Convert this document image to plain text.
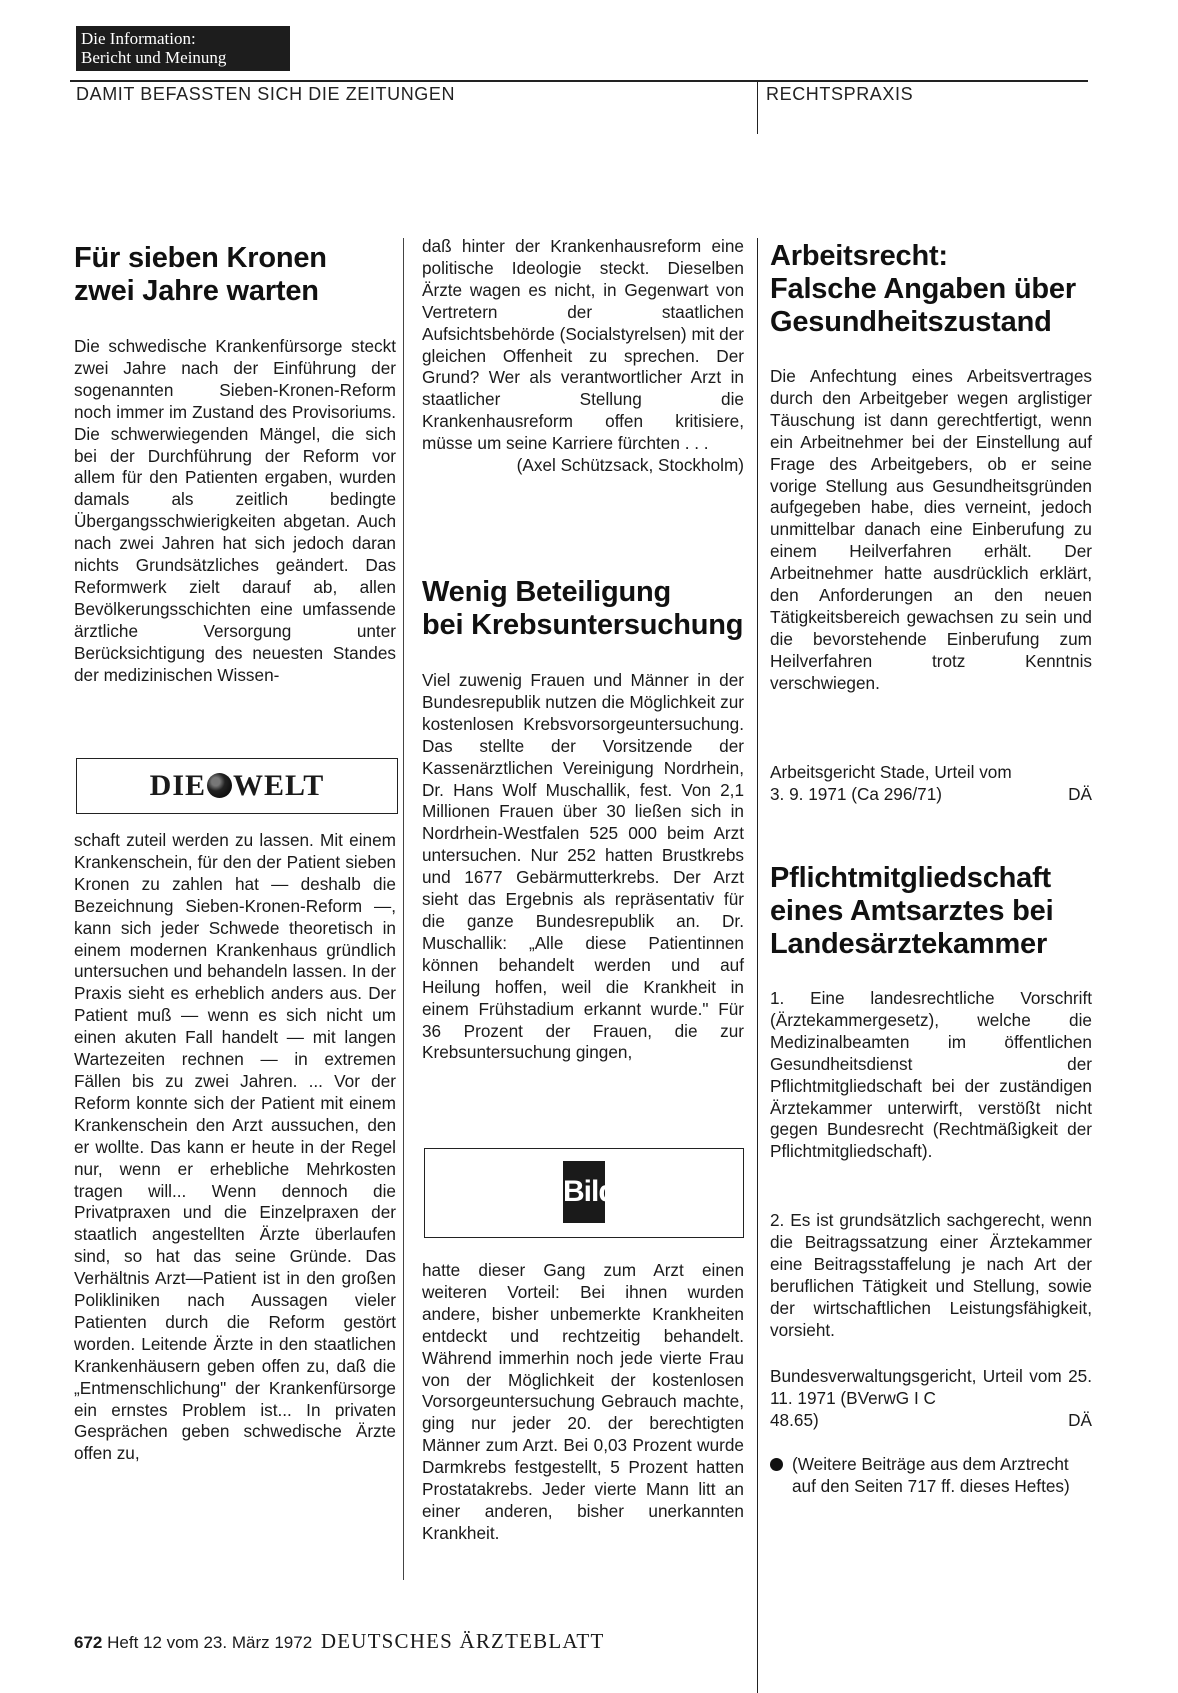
Die Information:
Bericht und Meinung
DAMIT BEFASSTEN SICH DIE ZEITUNGEN	RECHTSPRAXIS
Für sieben Kronen
zwei Jahre warten

Die schwedische Krankenfürsorge steckt zwei Jahre nach der Einführung der sogenannten Sieben-Kronen-Reform noch immer im Zustand des Provisoriums. Die schwerwiegenden Mängel, die sich bei der Durchführung der Reform vor allem für den Patienten ergaben, wurden damals als zeitlich bedingte Übergangsschwierigkeiten abgetan. Auch nach zwei Jahren hat sich jedoch daran nichts Grundsätzliches geändert. Das Reformwerk zielt darauf ab, allen Bevölkerungsschichten eine umfassende ärztliche Versorgung unter Berücksichtigung des neuesten Standes der medizinischen Wissen-

DIE WELT

schaft zuteil werden zu lassen. Mit einem Krankenschein, für den der Patient sieben Kronen zu zahlen hat — deshalb die Bezeichnung Sieben-Kronen-Reform —, kann sich jeder Schwede theoretisch in einem modernen Krankenhaus gründlich untersuchen und behandeln lassen. In der Praxis sieht es erheblich anders aus. Der Patient muß — wenn es sich nicht um einen akuten Fall handelt — mit langen Wartezeiten rechnen — in extremen Fällen bis zu zwei Jahren. ... Vor der Reform konnte sich der Patient mit einem Krankenschein den Arzt aussuchen, den er wollte. Das kann er heute in der Regel nur, wenn er erhebliche Mehrkosten tragen will... Wenn dennoch die Privatpraxen und die Einzelpraxen der staatlich angestellten Ärzte überlaufen sind, so hat das seine Gründe. Das Verhältnis Arzt—Patient ist in den großen Polikliniken nach Aussagen vieler Patienten durch die Reform gestört worden. Leitende Ärzte in den staatlichen Krankenhäusern geben offen zu, daß die „Entmenschlichung" der Krankenfürsorge ein ernstes Problem ist... In privaten Gesprächen geben schwedische Ärzte offen zu,

daß hinter der Krankenhausreform eine politische Ideologie steckt. Dieselben Ärzte wagen es nicht, in Gegenwart von Vertretern der staatlichen Aufsichtsbehörde (Socialstyrelsen) mit der gleichen Offenheit zu sprechen. Der Grund? Wer als verantwortlicher Arzt in staatlicher Stellung die Krankenhausreform offen kritisiere, müsse um seine Karriere fürchten . . .

(Axel Schützsack, Stockholm)

Wenig Beteiligung
bei Krebsuntersuchung

Viel zuwenig Frauen und Männer in der Bundesrepublik nutzen die Möglichkeit zur kostenlosen Krebsvorsorgeuntersuchung. Das stellte der Vorsitzende der Kassenärztlichen Vereinigung Nordrhein, Dr. Hans Wolf Muschallik, fest. Von 2,1 Millionen Frauen über 30 ließen sich in Nordrhein-Westfalen 525 000 beim Arzt untersuchen. Nur 252 hatten Brustkrebs und 1677 Gebärmutterkrebs. Der Arzt sieht das Ergebnis als repräsentativ für die ganze Bundesrepublik an. Dr. Muschallik: „Alle diese Patientinnen können behandelt werden und auf Heilung hoffen, weil die Krankheit in einem Frühstadium erkannt wurde." Für 36 Prozent der Frauen, die zur Krebsuntersuchung gingen,

Bild

hatte dieser Gang zum Arzt einen weiteren Vorteil: Bei ihnen wurden andere, bisher unbemerkte Krankheiten entdeckt und rechtzeitig behandelt. Während immerhin noch jede vierte Frau von der Möglichkeit der kostenlosen Vorsorgeuntersuchung Gebrauch machte, ging nur jeder 20. der berechtigten Männer zum Arzt. Bei 0,03 Prozent wurde Darmkrebs festgestellt, 5 Prozent hatten Prostatakrebs. Jeder vierte Mann litt an einer anderen, bisher unerkannten Krankheit.

Arbeitsrecht:
Falsche Angaben über
Gesundheitszustand

Die Anfechtung eines Arbeitsvertrages durch den Arbeitgeber wegen arglistiger Täuschung ist dann gerechtfertigt, wenn ein Arbeitnehmer bei der Einstellung auf Frage des Arbeitgebers, ob er seine vorige Stellung aus Gesundheitsgründen aufgegeben habe, dies verneint, jedoch unmittelbar danach eine Einberufung zu einem Heilverfahren erhält. Der Arbeitnehmer hatte ausdrücklich erklärt, den Anforderungen an den neuen Tätigkeitsbereich gewachsen zu sein und die bevorstehende Einberufung zum Heilverfahren trotz Kenntnis verschwiegen.

Arbeitsgericht Stade, Urteil vom

3. 9. 1971 (Ca 296/71)	DÄ

Pflichtmitgliedschaft
eines Amtsarztes bei
Landesärztekammer

1. Eine landesrechtliche Vorschrift (Ärztekammergesetz), welche die Medizinalbeamten im öffentlichen Gesundheitsdienst der Pflichtmitgliedschaft bei der zuständigen Ärztekammer unterwirft, verstößt nicht gegen Bundesrecht (Rechtmäßigkeit der Pflichtmitgliedschaft).

2. Es ist grundsätzlich sachgerecht, wenn die Beitragssatzung einer Ärztekammer eine Beitragsstaffelung je nach Art der beruflichen Tätigkeit und Stellung, sowie der wirtschaftlichen Leistungsfähigkeit, vorsieht.

Bundesverwaltungsgericht, Urteil vom 25. 11. 1971 (BVerwG I C

48.65)	DÄ

(Weitere Beiträge aus dem Arztrecht auf den Seiten 717 ff. dieses Heftes)

672 Heft 12 vom 23. März 1972 DEUTSCHES ÄRZTEBLATT
